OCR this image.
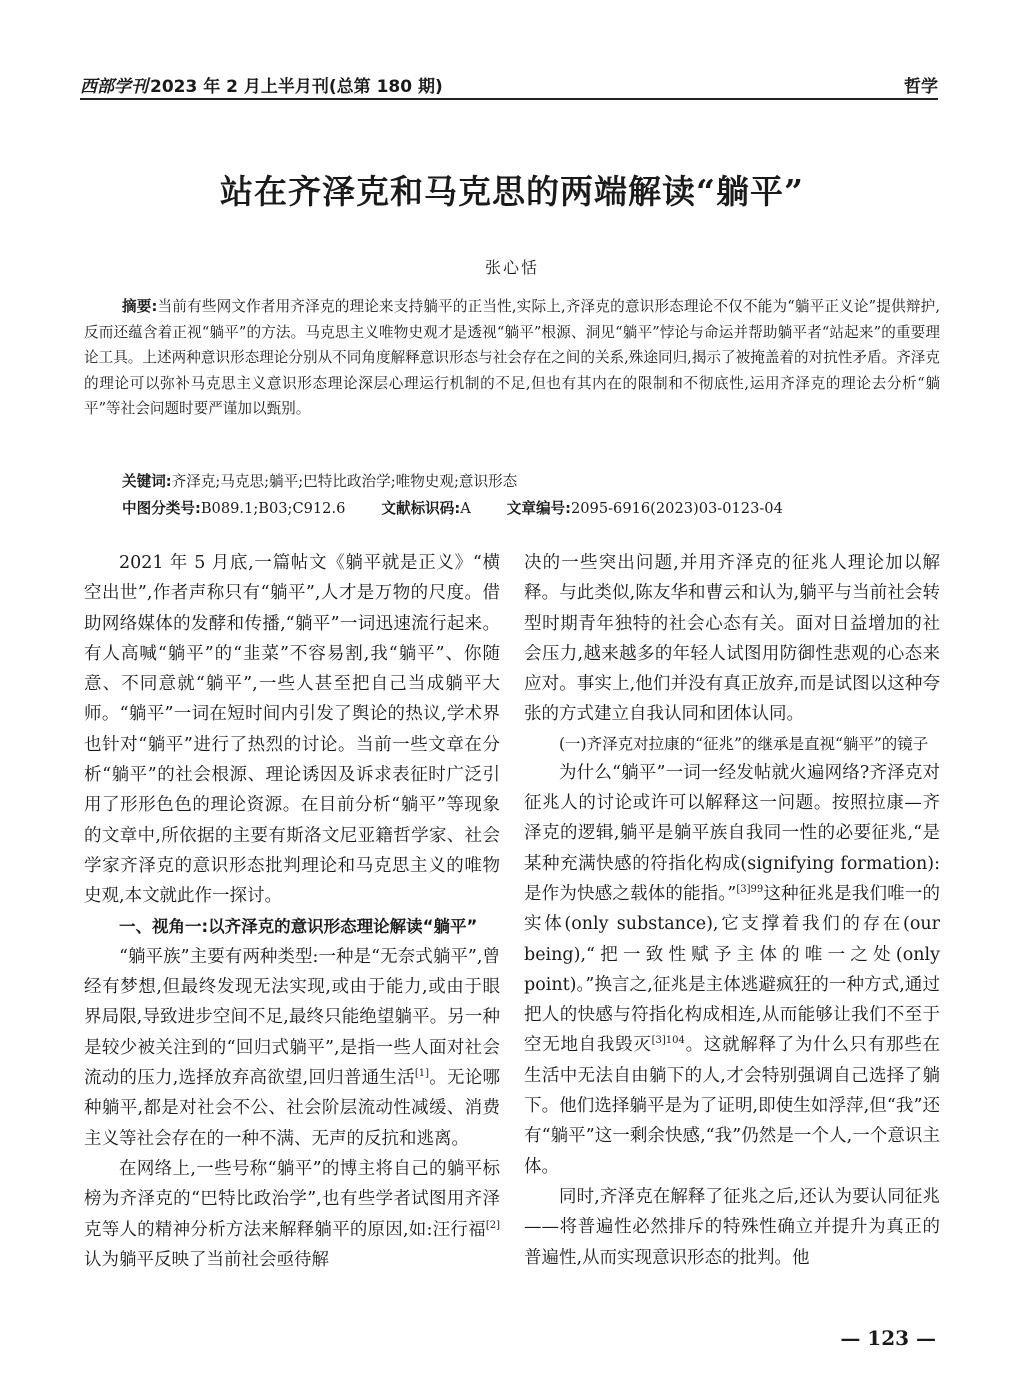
西部学刊 2023 年 2 月上半月刊(总第 180 期)	哲学
站在齐泽克和马克思的两端解读“躺平”
张心恬
摘要:当前有些网文作者用齐泽克的理论来支持躺平的正当性,实际上,齐泽克的意识形态理论不仅不能为“躺平正义论”提供辩护,反而还蕴含着正视“躺平”的方法。马克思主义唯物史观才是透视“躺平”根源、洞见“躺平”悖论与命运并帮助躺平者“站起来”的重要理论工具。上述两种意识形态理论分别从不同角度解释意识形态与社会存在之间的关系,殊途同归,揭示了被掩盖着的对抗性矛盾。齐泽克的理论可以弥补马克思主义意识形态理论深层心理运行机制的不足,但也有其内在的限制和不彻底性,运用齐泽克的理论去分析“躺平”等社会问题时要严谨加以甄别。
关键词:齐泽克;马克思;躺平;巴特比政治学;唯物史观;意识形态
中图分类号:B089.1;B03;C912.6 文献标识码:A 文章编号:2095-6916(2023)03-0123-04

2021 年 5 月底,一篇帖文《躺平就是正义》“横空出世”,作者声称只有“躺平”,人才是万物的尺度。借助网络媒体的发酵和传播,“躺平”一词迅速流行起来。有人高喊“躺平”的“韭菜”不容易割,我“躺平”、你随意、不同意就“躺平”,一些人甚至把自己当成躺平大师。“躺平”一词在短时间内引发了舆论的热议,学术界也针对“躺平”进行了热烈的讨论。当前一些文章在分析“躺平”的社会根源、理论诱因及诉求表征时广泛引用了形形色色的理论资源。在目前分析“躺平”等现象的文章中,所依据的主要有斯洛文尼亚籍哲学家、社会学家齐泽克的意识形态批判理论和马克思主义的唯物史观,本文就此作一探讨。

一、视角一:以齐泽克的意识形态理论解读“躺平”

“躺平族”主要有两种类型:一种是“无奈式躺平”,曾经有梦想,但最终发现无法实现,或由于能力,或由于眼界局限,导致进步空间不足,最终只能绝望躺平。另一种是较少被关注到的“回归式躺平”,是指一些人面对社会流动的压力,选择放弃高欲望,回归普通生活[1]。无论哪种躺平,都是对社会不公、社会阶层流动性减缓、消费主义等社会存在的一种不满、无声的反抗和逃离。

在网络上,一些号称“躺平”的博主将自己的躺平标榜为齐泽克的“巴特比政治学”,也有些学者试图用齐泽克等人的精神分析方法来解释躺平的原因,如:汪行福[2]认为躺平反映了当前社会亟待解

决的一些突出问题,并用齐泽克的征兆人理论加以解释。与此类似,陈友华和曹云和认为,躺平与当前社会转型时期青年独特的社会心态有关。面对日益增加的社会压力,越来越多的年轻人试图用防御性悲观的心态来应对。事实上,他们并没有真正放弃,而是试图以这种夸张的方式建立自我认同和团体认同。

(一)齐泽克对拉康的“征兆”的继承是直视“躺平”的镜子

为什么“躺平”一词一经发帖就火遍网络?齐泽克对征兆人的讨论或许可以解释这一问题。按照拉康—齐泽克的逻辑,躺平是躺平族自我同一性的必要征兆,“是某种充满快感的符指化构成(signifying formation):是作为快感之载体的能指。”$^{[3]99}$这种征兆是我们唯一的实体(only substance),它支撑着我们的存在(our being),“把一致性赋予主体的唯一之处(only point)。”换言之,征兆是主体逃避疯狂的一种方式,通过把人的快感与符指化构成相连,从而能够让我们不至于空无地自我毁灭$^{[3]104}$。这就解释了为什么只有那些在生活中无法自由躺下的人,才会特别强调自己选择了躺下。他们选择躺平是为了证明,即使生如浮萍,但“我”还有“躺平”这一剩余快感,“我”仍然是一个人,一个意识主体。

同时,齐泽克在解释了征兆之后,还认为要认同征兆——将普遍性必然排斥的特殊性确立并提升为真正的普遍性,从而实现意识形态的批判。他

— 123 —
